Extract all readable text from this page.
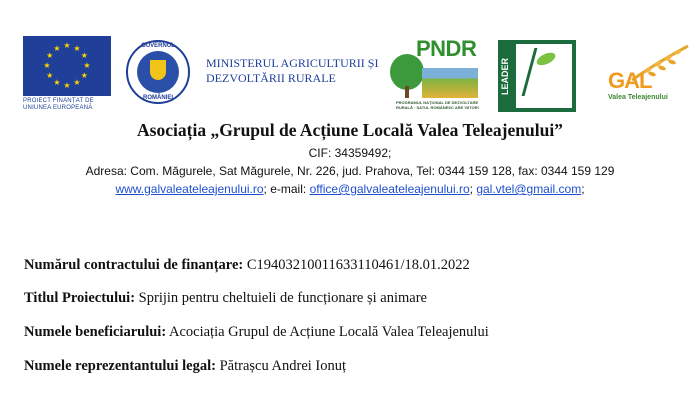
★ ★
★
★
★
★
★
★
★
★
★
★
PROIECT FINANȚAT DE
UNIUNEA EUROPEANĂ
GUVERNUL
ROMÂNIEI
MINISTERUL AGRICULTURII ȘI
DEZVOLTĂRII RURALE
PNDR
PROGRAMUL NAȚIONAL DE DEZVOLTARE RURALĂ · SATUL ROMÂNESC ARE VIITOR!
LEADER	GAL
Valea Teleajenului
Asociația „Grupul de Acțiune Locală Valea Teleajenului”
CIF: 34359492;
Adresa: Com. Măgurele, Sat Măgurele, Nr. 226, jud. Prahova, Tel: 0344 159 128, fax: 0344 159 129
www.galvaleateleajenului.ro; e-mail: office@galvaleateleajenului.ro; gal.vtel@gmail.com;
Numărul contractului de finanțare: C19403210011633110461/18.01.2022
Titlul Proiectului: Sprijin pentru cheltuieli de funcționare și animare
Numele beneficiarului: Acociația Grupul de Acțiune Locală Valea Teleajenului
Numele reprezentantului legal: Pătrașcu Andrei Ionuț
